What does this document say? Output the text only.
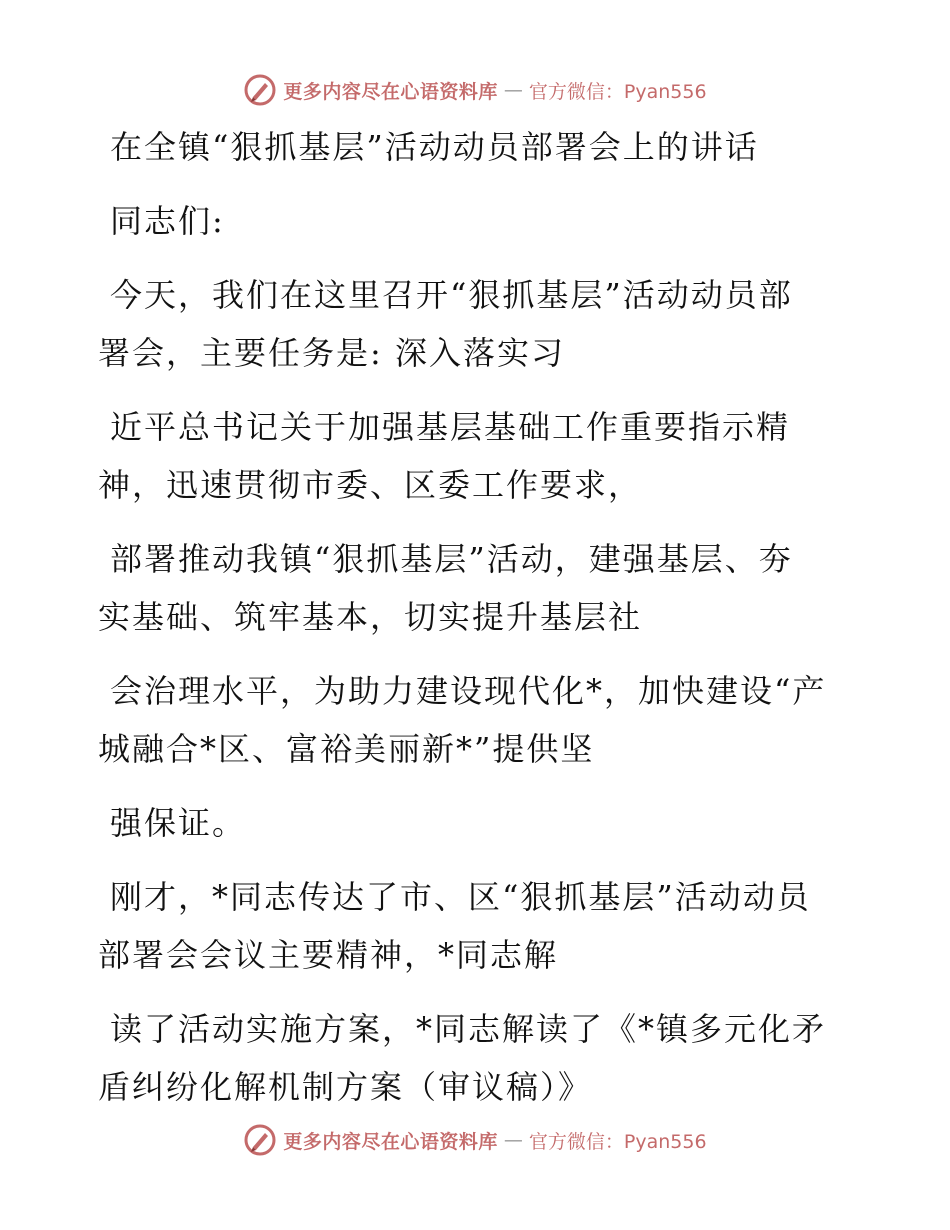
更多内容尽在心语资料库 — 官方微信：Pyan556
在全镇“狠抓基层”活动动员部署会上的讲话
同志们:
今天，我们在这里召开“狠抓基层”活动动员部
署会，主要任务是: 深入落实习
近平总书记关于加强基层基础工作重要指示精
神，迅速贯彻市委、区委工作要求，
部署推动我镇“狠抓基层”活动，建强基层、夯
实基础、筑牢基本，切实提升基层社
会治理水平，为助力建设现代化*，加快建设“产
城融合*区、富裕美丽新*”提供坚
强保证。
刚才，*同志传达了市、区“狠抓基层”活动动员
部署会会议主要精神，*同志解
读了活动实施方案，*同志解读了《*镇多元化矛
盾纠纷化解机制方案（审议稿）》
更多内容尽在心语资料库 — 官方微信：Pyan556
